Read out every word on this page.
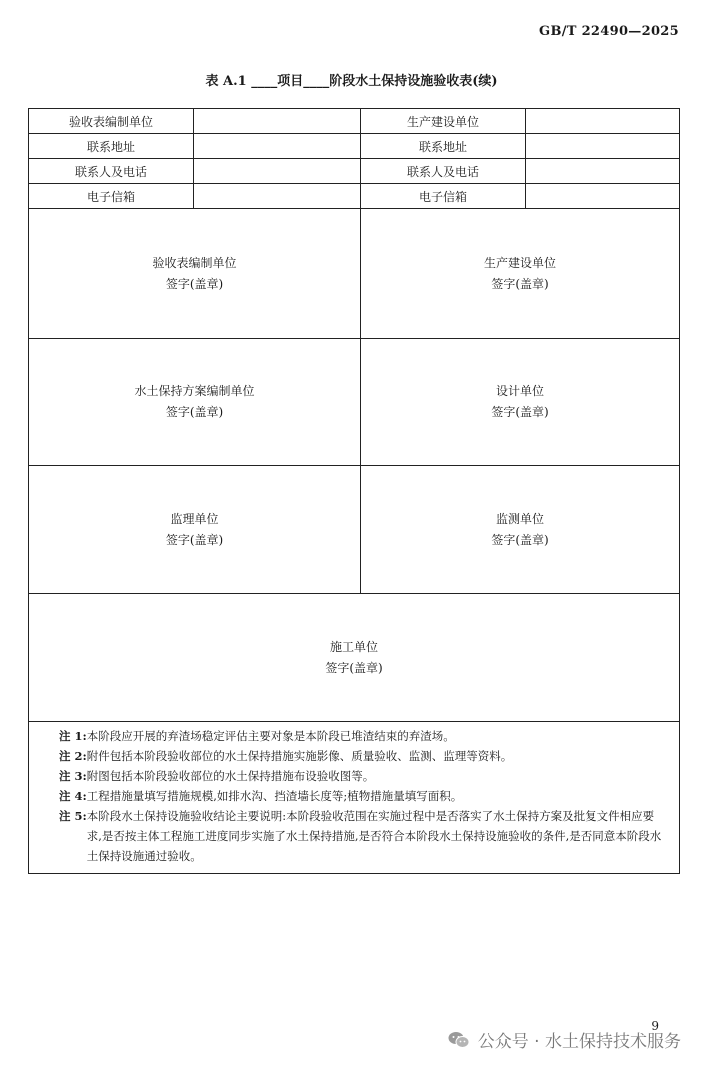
GB/T 22490—2025
表 A.1 ____项目____阶段水土保持设施验收表(续)
验收表编制单位	生产建设单位
联系地址	联系地址
联系人及电话	联系人及电话
电子信箱	电子信箱
验收表编制单位
签字(盖章)
生产建设单位
签字(盖章)
水土保持方案编制单位
签字(盖章)
设计单位
签字(盖章)
监理单位
签字(盖章)
监测单位
签字(盖章)
施工单位
签字(盖章)
注 1: 本阶段应开展的弃渣场稳定评估主要对象是本阶段已堆渣结束的弃渣场。
注 2: 附件包括本阶段验收部位的水土保持措施实施影像、质量验收、监测、监理等资料。
注 3: 附图包括本阶段验收部位的水土保持措施布设验收图等。
注 4: 工程措施量填写措施规模,如排水沟、挡渣墙长度等;植物措施量填写面积。
注 5: 本阶段水土保持设施验收结论主要说明:本阶段验收范围在实施过程中是否落实了水土保持方案及批复文件相应要求,是否按主体工程施工进度同步实施了水土保持措施,是否符合本阶段水土保持设施验收的条件,是否同意本阶段水土保持设施通过验收。
9
公众号 · 水土保持技术服务
